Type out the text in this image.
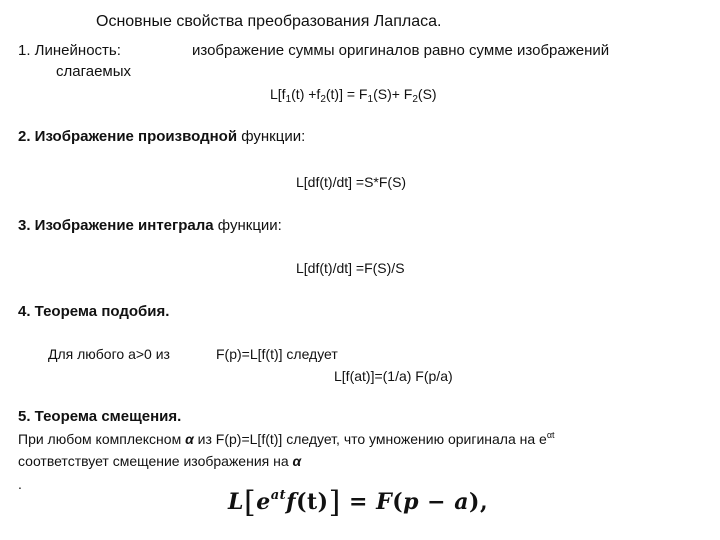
Основные свойства преобразования Лапласа.
1. Линейность:	изображение суммы оригиналов равно сумме изображений
слагаемых
$L[f_1(t) +f_2(t)] = F_1(S)+ F_2(S)$
2. Изображение производной функции:
L[df(t)/dt] =S*F(S)
3. Изображение интеграла функции:
L[df(t)/dt] =F(S)/S
4. Теорема подобия.
Для любого а>0 из	F(p)=L[f(t)] следует
L[f(at)]=(1/a) F(p/a)
5. Теорема смещения.
При любом комплексном α из F(p)=L[f(t)] следует, что умножению оригинала на $e^{\alpha t}$
соответствует смещение изображения на α
.
$L[e^{at}f(t)] = F(p - a)$,
